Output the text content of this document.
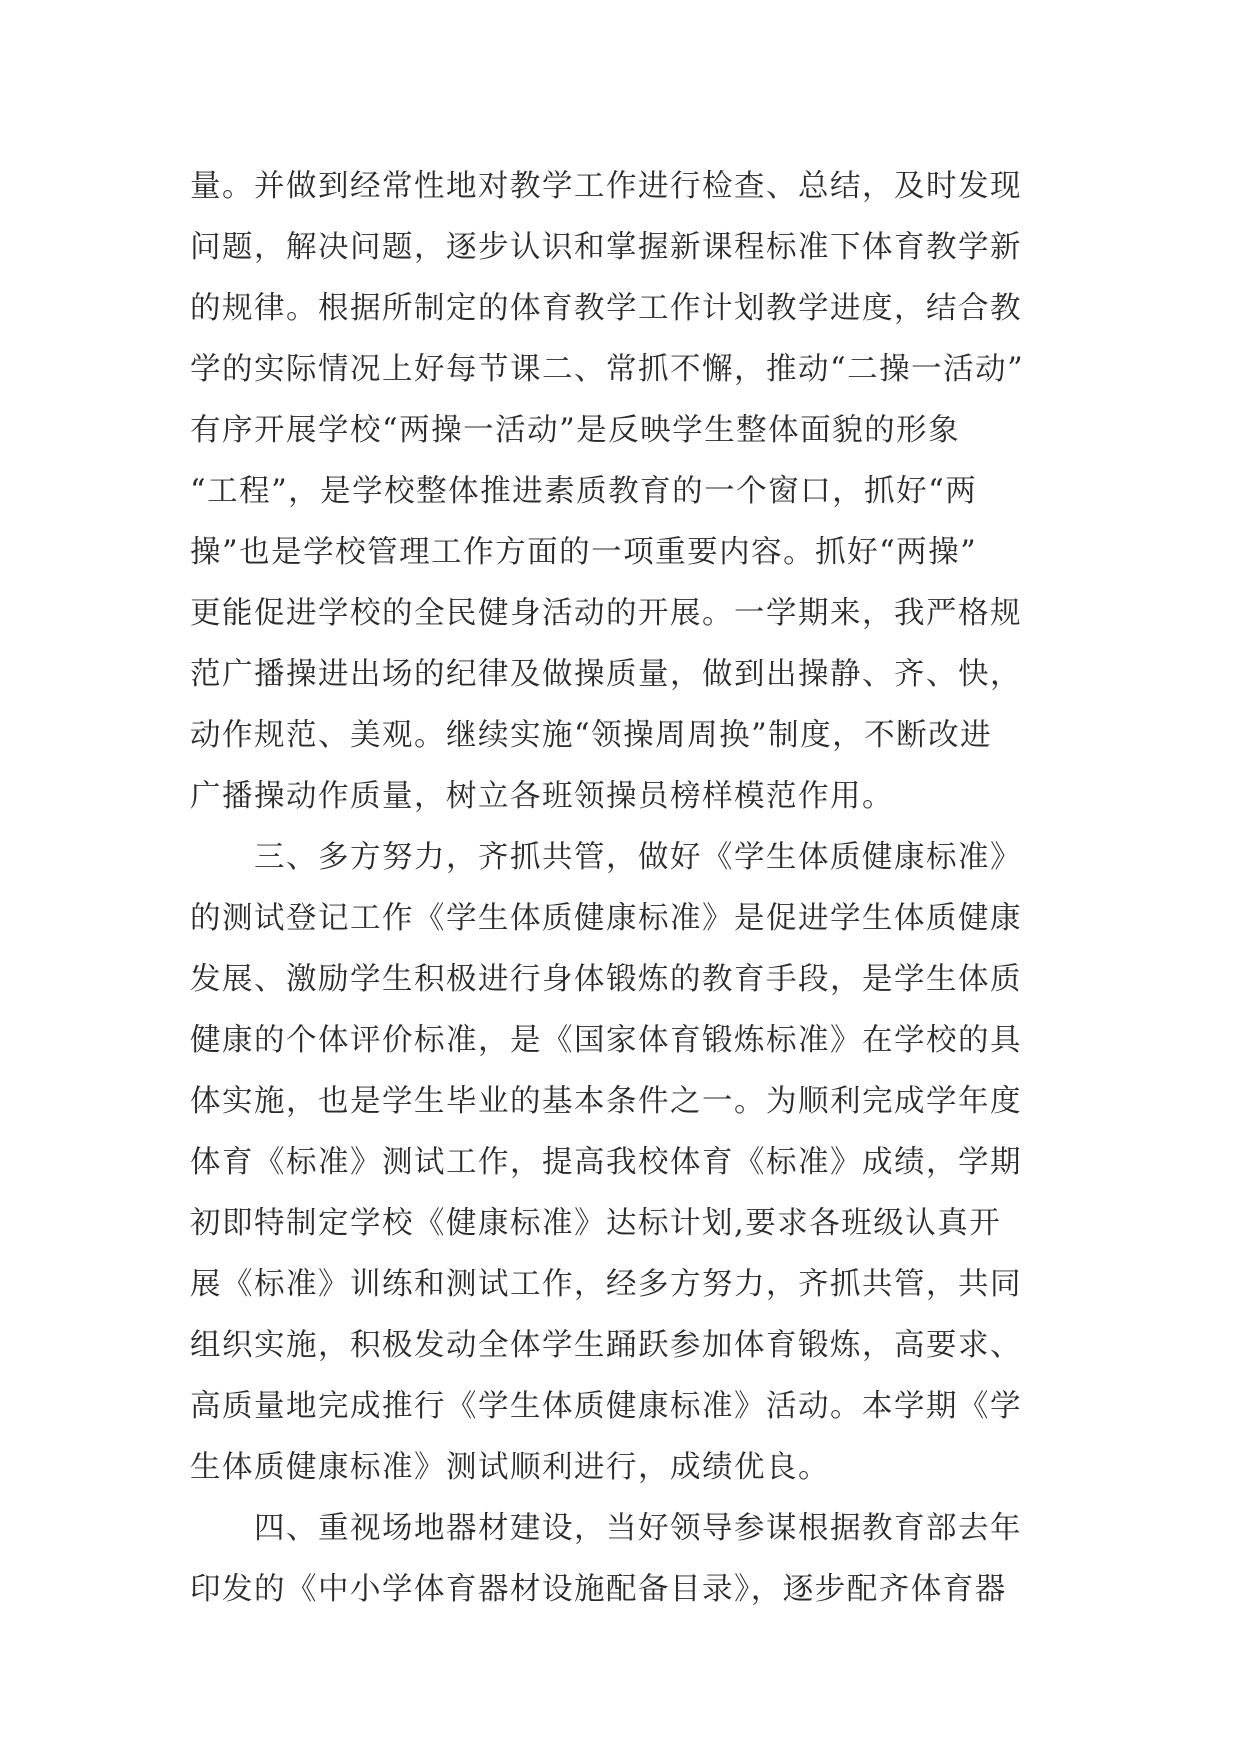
量。并做到经常性地对教学工作进行检查、总结，及时发现
问题，解决问题，逐步认识和掌握新课程标准下体育教学新
的规律。根据所制定的体育教学工作计划教学进度，结合教
学的实际情况上好每节课二、常抓不懈，推动“二操一活动”
有序开展学校“两操一活动”是反映学生整体面貌的形象
“工程”，是学校整体推进素质教育的一个窗口，抓好“两
操”也是学校管理工作方面的一项重要内容。抓好“两操”
更能促进学校的全民健身活动的开展。一学期来，我严格规
范广播操进出场的纪律及做操质量，做到出操静、齐、快，
动作规范、美观。继续实施“领操周周换”制度，不断改进
广播操动作质量，树立各班领操员榜样模范作用。
三、多方努力，齐抓共管，做好《学生体质健康标准》
的测试登记工作《学生体质健康标准》是促进学生体质健康
发展、激励学生积极进行身体锻炼的教育手段，是学生体质
健康的个体评价标准，是《国家体育锻炼标准》在学校的具
体实施，也是学生毕业的基本条件之一。为顺利完成学年度
体育《标准》测试工作，提高我校体育《标准》成绩，学期
初即特制定学校《健康标准》达标计划,要求各班级认真开
展《标准》训练和测试工作，经多方努力，齐抓共管，共同
组织实施，积极发动全体学生踊跃参加体育锻炼，高要求、
高质量地完成推行《学生体质健康标准》活动。本学期《学
生体质健康标准》测试顺利进行，成绩优良。
四、重视场地器材建设，当好领导参谋根据教育部去年
印发的《中小学体育器材设施配备目录》，逐步配齐体育器
